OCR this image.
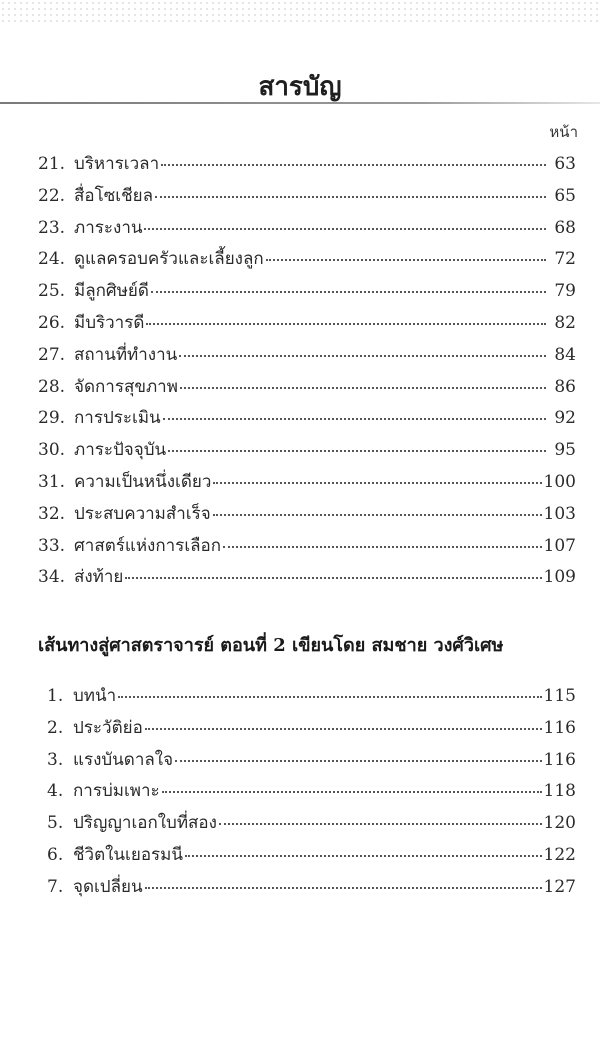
สารบัญ
หน้า
21. บริหารเวลา	63
22. สื่อโซเชียล	65
23. ภาระงาน	68
24. ดูแลครอบครัวและเลี้ยงลูก	72
25. มีลูกศิษย์ดี	79
26. มีบริวารดี	82
27. สถานที่ทำงาน	84
28. จัดการสุขภาพ	86
29. การประเมิน	92
30. ภาระปัจจุบัน	95
31. ความเป็นหนึ่งเดียว	100
32. ประสบความสำเร็จ	103
33. ศาสตร์แห่งการเลือก	107
34. ส่งท้าย	109
เส้นทางสู่ศาสตราจารย์ ตอนที่ 2 เขียนโดย สมชาย วงศ์วิเศษ
1. บทนำ	115
2. ประวัติย่อ	116
3. แรงบันดาลใจ	116
4. การบ่มเพาะ	118
5. ปริญญาเอกใบที่สอง	120
6. ชีวิตในเยอรมนี	122
7. จุดเปลี่ยน	127
